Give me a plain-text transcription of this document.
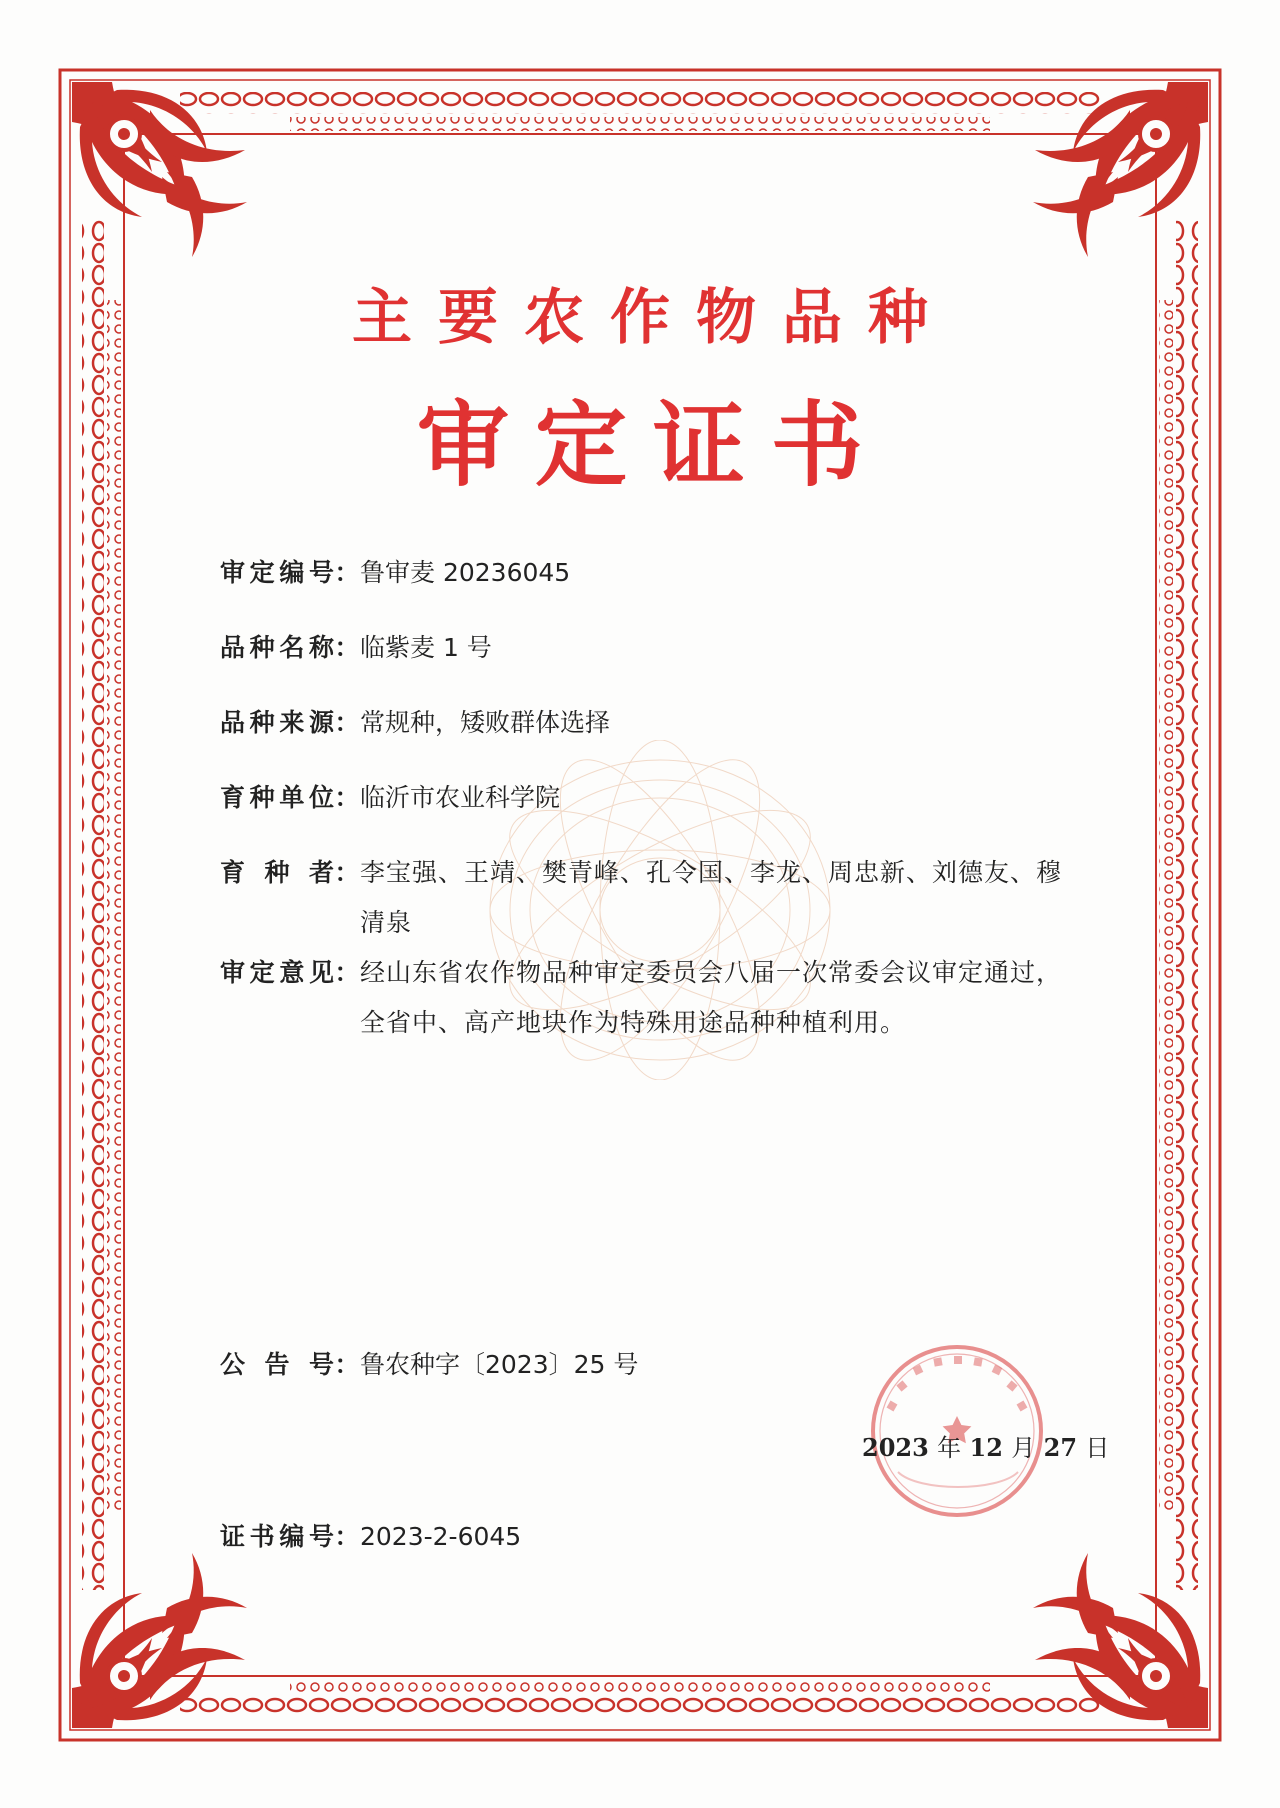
主要农作物品种
审定证书
审定编号 ： 鲁审麦 20236045
品种名称 ： 临紫麦 1 号
品种来源 ： 常规种，矮败群体选择
育种单位 ： 临沂市农业科学院
育种者 ： 李宝强、王靖、樊青峰、孔令国、李龙、周忠新、刘德友、穆清泉
审定意见 ： 经山东省农作物品种审定委员会八届一次常委会议审定通过，全省中、高产地块作为特殊用途品种种植利用。
公告号 ： 鲁农种字〔2023〕25 号
2023 年 12 月 27 日
证书编号 ： 2023-2-6045
